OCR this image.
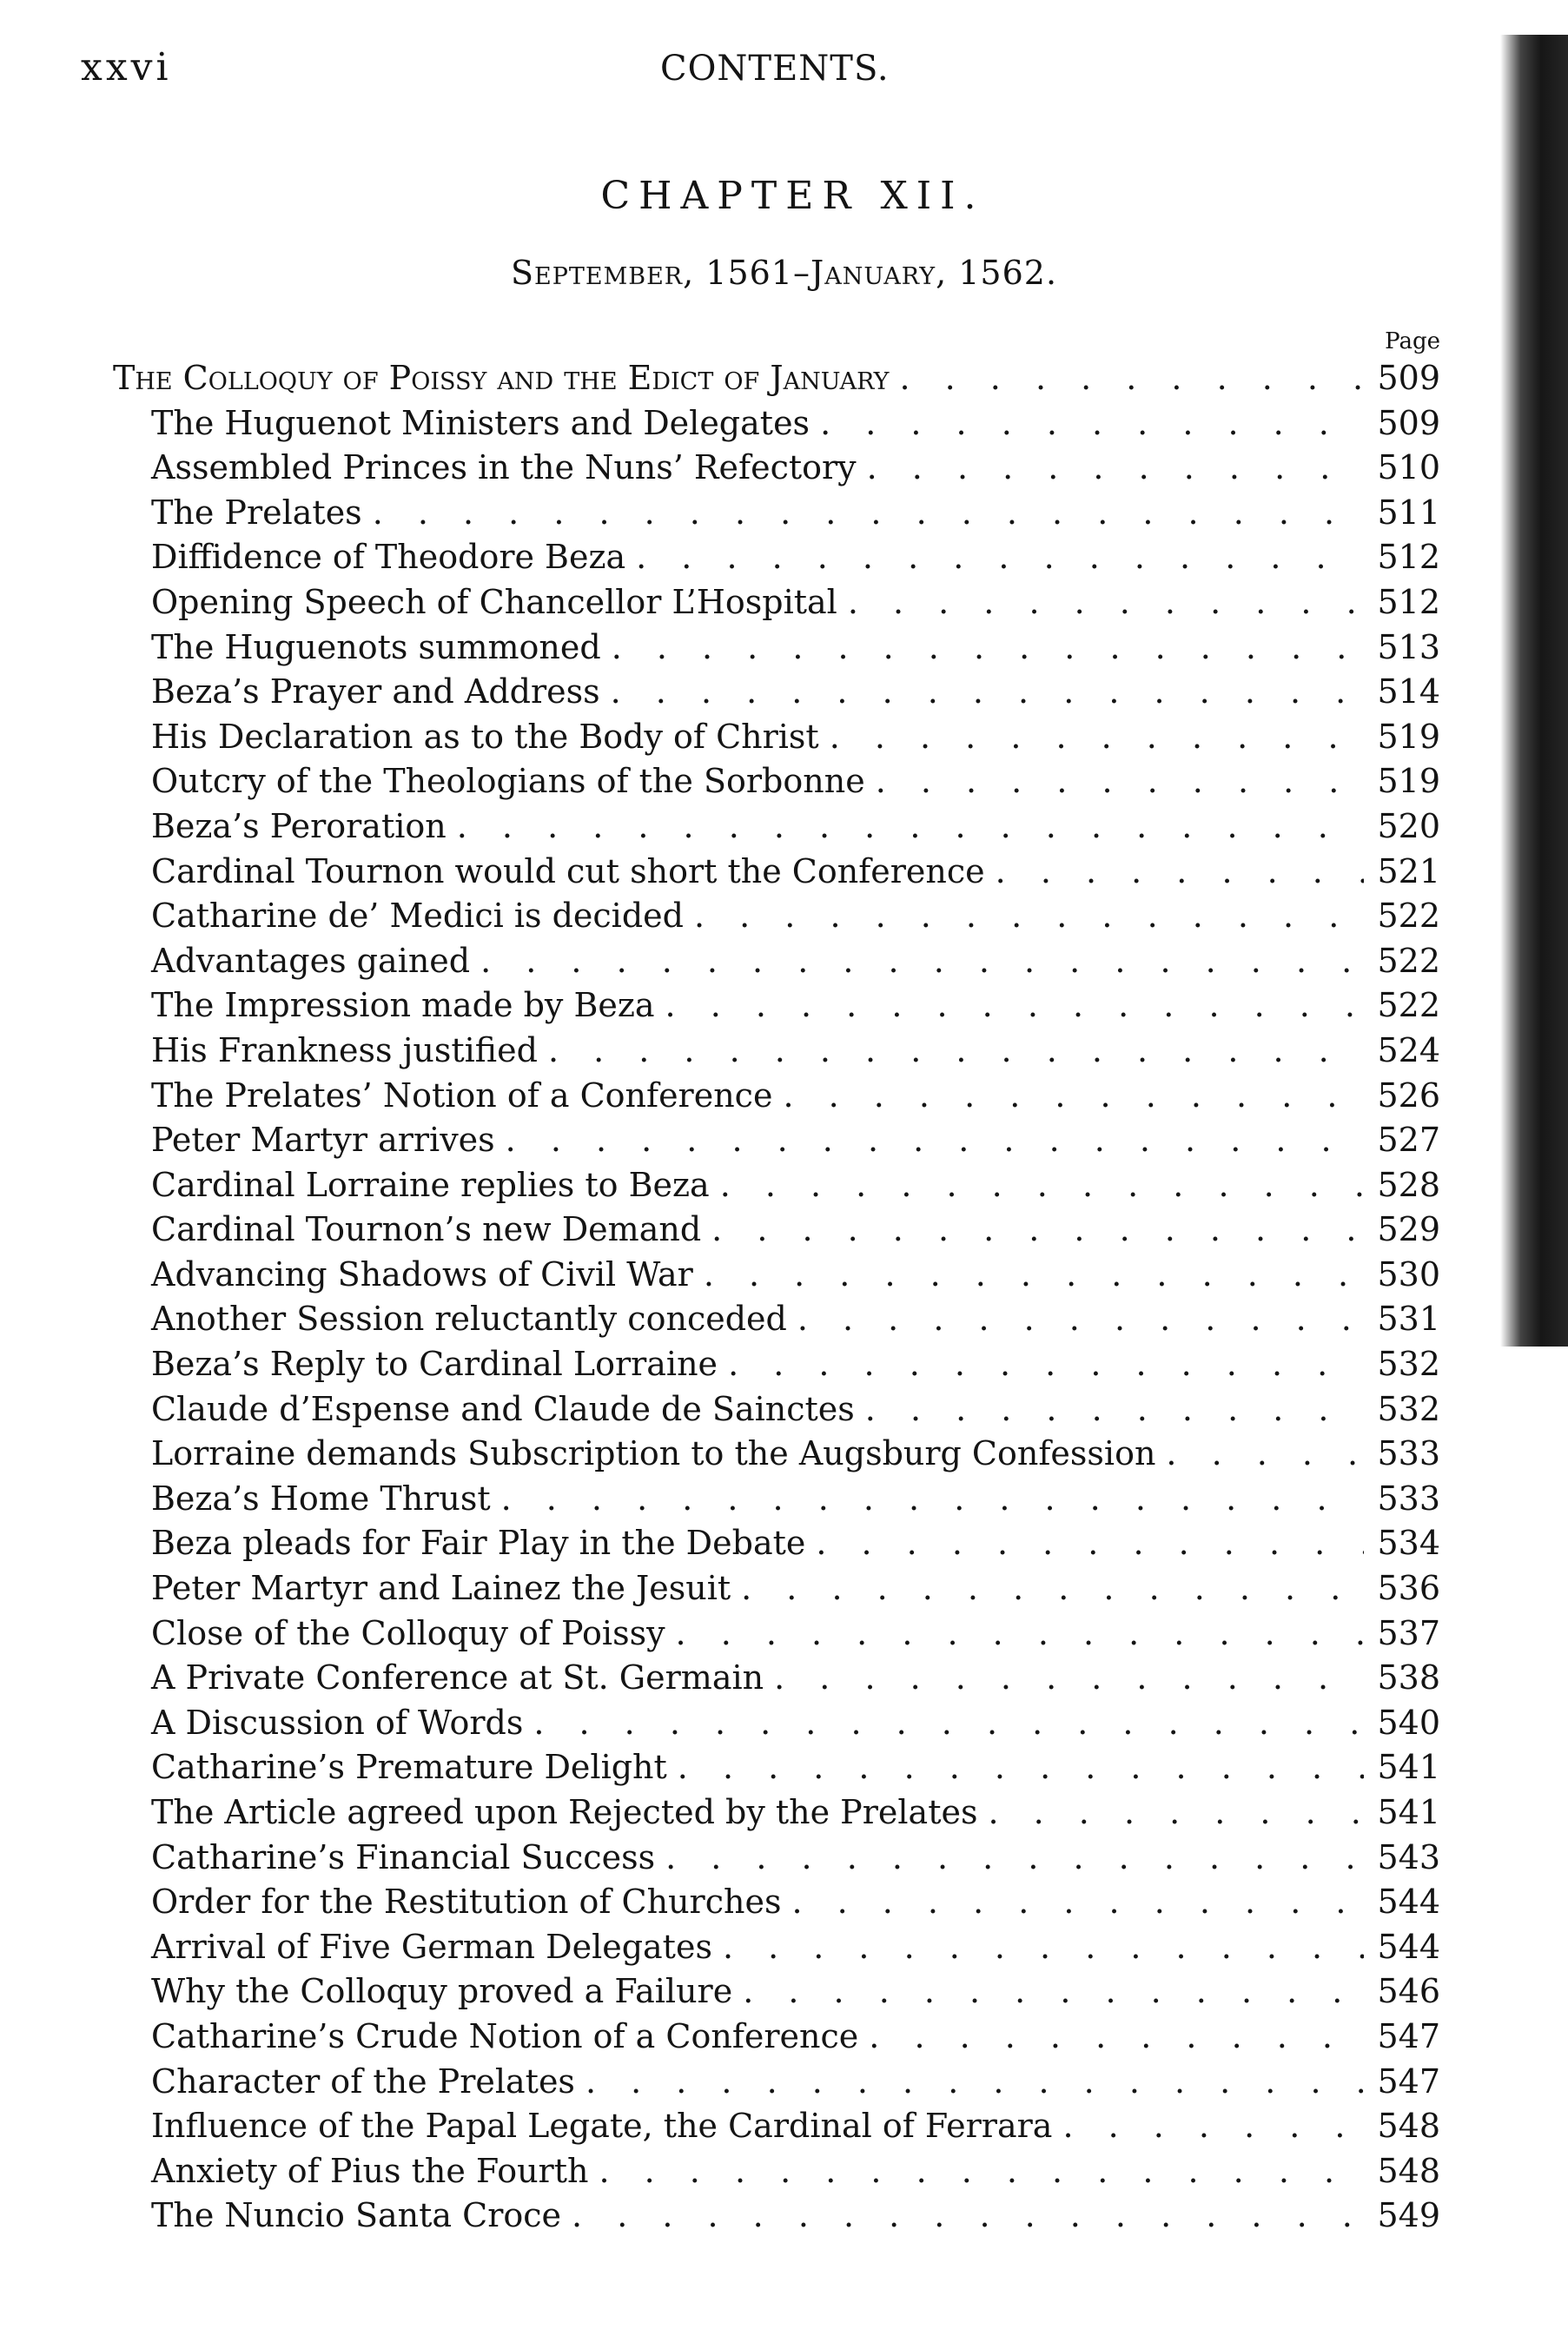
xxvi	CONTENTS.
CHAPTER XII.
September, 1561–January, 1562.
Page
The Colloquy of Poissy and the Edict of January . . .	509
The Huguenot Ministers and Delegates . . .	509
Assembled Princes in the Nuns’ Refectory . . .	510
The Prelates . . .	511
Diffidence of Theodore Beza . . .	512
Opening Speech of Chancellor L’Hospital . . .	512
The Huguenots summoned . . .	513
Beza’s Prayer and Address . . .	514
His Declaration as to the Body of Christ . . .	519
Outcry of the Theologians of the Sorbonne . . .	519
Beza’s Peroration . . .	520
Cardinal Tournon would cut short the Conference . . .	521
Catharine de’ Medici is decided . . .	522
Advantages gained . . .	522
The Impression made by Beza . . .	522
His Frankness justified . . .	524
The Prelates’ Notion of a Conference . . .	526
Peter Martyr arrives . . .	527
Cardinal Lorraine replies to Beza . . .	528
Cardinal Tournon’s new Demand . . .	529
Advancing Shadows of Civil War . . .	530
Another Session reluctantly conceded . . .	531
Beza’s Reply to Cardinal Lorraine . . .	532
Claude d’Espense and Claude de Sainctes . . .	532
Lorraine demands Subscription to the Augsburg Confession . . .	533
Beza’s Home Thrust . . .	533
Beza pleads for Fair Play in the Debate . . .	534
Peter Martyr and Lainez the Jesuit . . .	536
Close of the Colloquy of Poissy . . .	537
A Private Conference at St. Germain . . .	538
A Discussion of Words . . .	540
Catharine’s Premature Delight . . .	541
The Article agreed upon Rejected by the Prelates . . .	541
Catharine’s Financial Success . . .	543
Order for the Restitution of Churches . . .	544
Arrival of Five German Delegates . . .	544
Why the Colloquy proved a Failure . . .	546
Catharine’s Crude Notion of a Conference . . .	547
Character of the Prelates . . .	547
Influence of the Papal Legate, the Cardinal of Ferrara . . .	548
Anxiety of Pius the Fourth . . .	548
The Nuncio Santa Croce . . .	549
